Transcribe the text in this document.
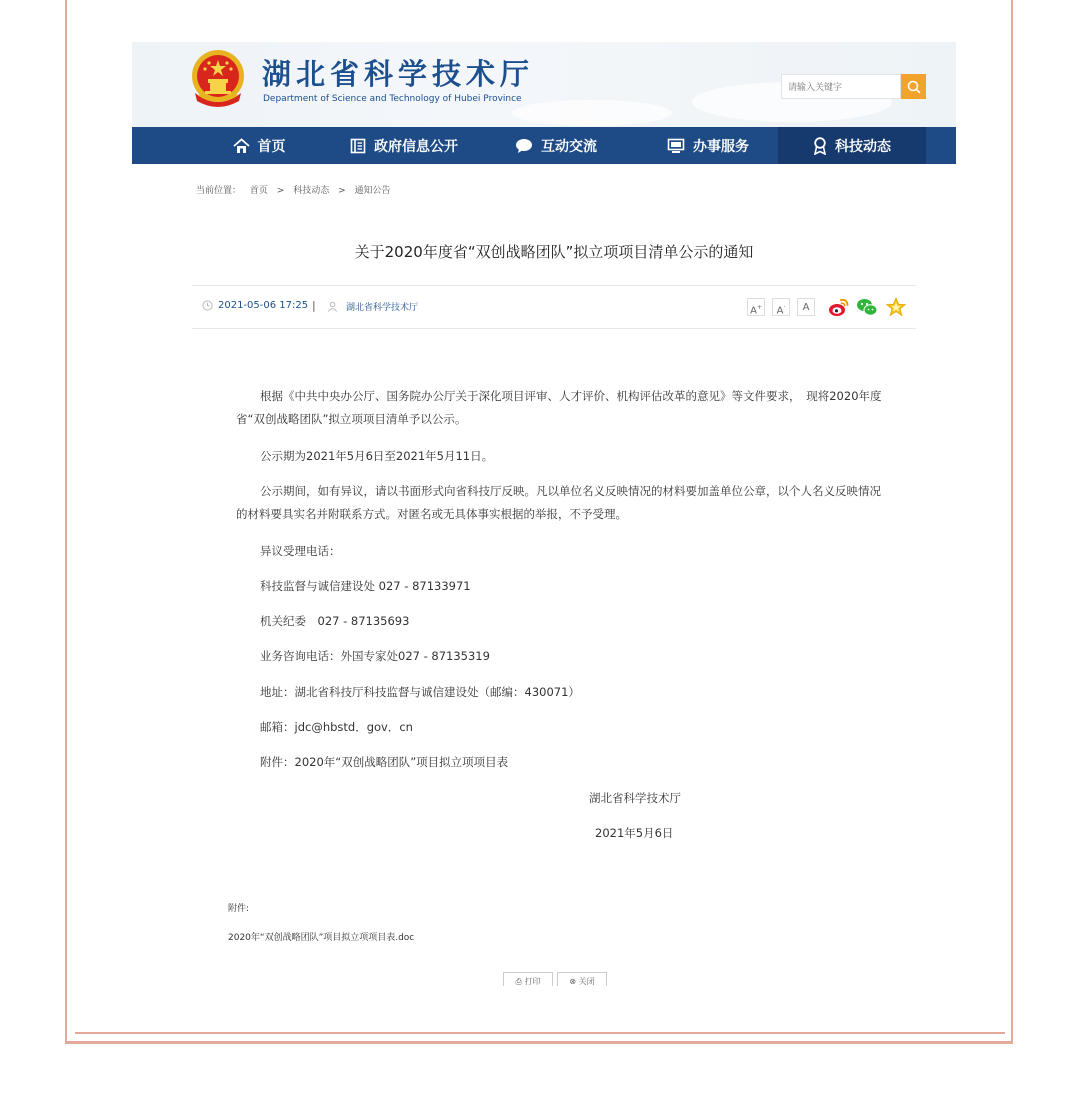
湖北省科学技术厅
Department of Science and Technology of Hubei Province
请输入关键字
首页	政府信息公开	互动交流	办事服务	科技动态
当前位置： 首页 > 科技动态 > 通知公告
关于2020年度省“双创战略团队”拟立项项目清单公示的通知
2021-05-06 17:25 |	湖北省科学技术厅	A+	A·	A
根据《中共中央办公厅、国务院办公厅关于深化项目评审、人才评价、机构评估改革的意见》等文件要求，　现将2020年度省“双创战略团队”拟立项项目清单予以公示。
公示期为2021年5月6日至2021年5月11日。
公示期间，如有异议，请以书面形式向省科技厅反映。凡以单位名义反映情况的材料要加盖单位公章，以个人名义反映情况的材料要具实名并附联系方式。对匿名或无具体事实根据的举报，不予受理。
异议受理电话：
科技监督与诚信建设处 027 - 87133971
机关纪委　027 - 87135693
业务咨询电话：外国专家处027 - 87135319
地址：湖北省科技厅科技监督与诚信建设处（邮编：430071）
邮箱：jdc@hbstd．gov．cn
附件：2020年“双创战略团队”项目拟立项项目表
湖北省科学技术厅
2021年5月6日
附件:
2020年“双创战略团队”项目拟立项项目表.doc
⎙ 打印	⊗ 关闭
